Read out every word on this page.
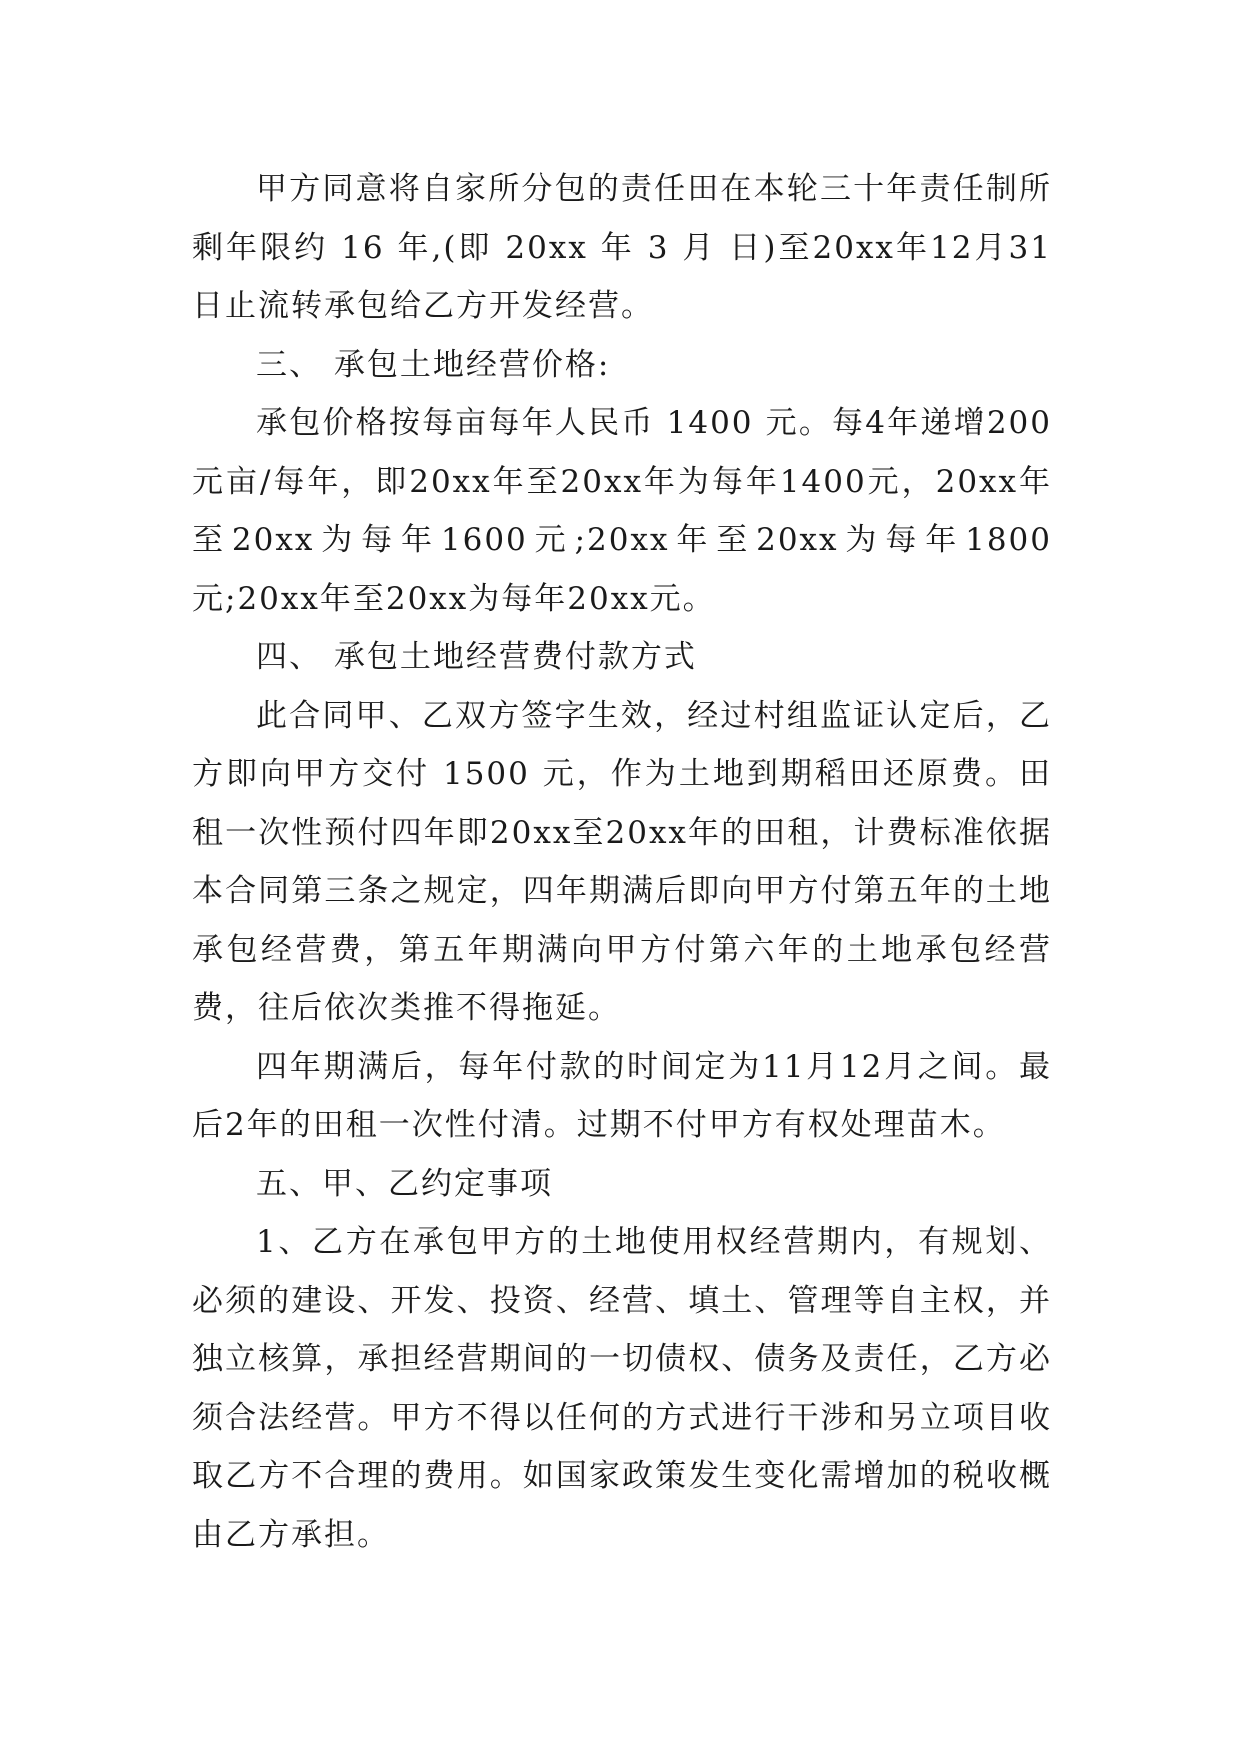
甲方同意将自家所分包的责任田在本轮三十年责任制所剩年限约 16 年,(即 20xx 年 3 月 日)至20xx年12月31日止流转承包给乙方开发经营。

三、 承包土地经营价格:

承包价格按每亩每年人民币 1400 元。每4年递增200元亩/每年，即20xx年至20xx年为每年1400元，20xx年至20xx为每年1600元;20xx年至20xx为每年1800元;20xx年至20xx为每年20xx元。

四、 承包土地经营费付款方式

此合同甲、乙双方签字生效，经过村组监证认定后，乙方即向甲方交付 1500 元，作为土地到期稻田还原费。田租一次性预付四年即20xx至20xx年的田租，计费标准依据本合同第三条之规定，四年期满后即向甲方付第五年的土地承包经营费，第五年期满向甲方付第六年的土地承包经营费，往后依次类推不得拖延。

四年期满后，每年付款的时间定为11月12月之间。最后2年的田租一次性付清。过期不付甲方有权处理苗木。

五、甲、乙约定事项

1、乙方在承包甲方的土地使用权经营期内，有规划、必须的建设、开发、投资、经营、填土、管理等自主权，并独立核算，承担经营期间的一切债权、债务及责任，乙方必须合法经营。甲方不得以任何的方式进行干涉和另立项目收取乙方不合理的费用。如国家政策发生变化需增加的税收概由乙方承担。
